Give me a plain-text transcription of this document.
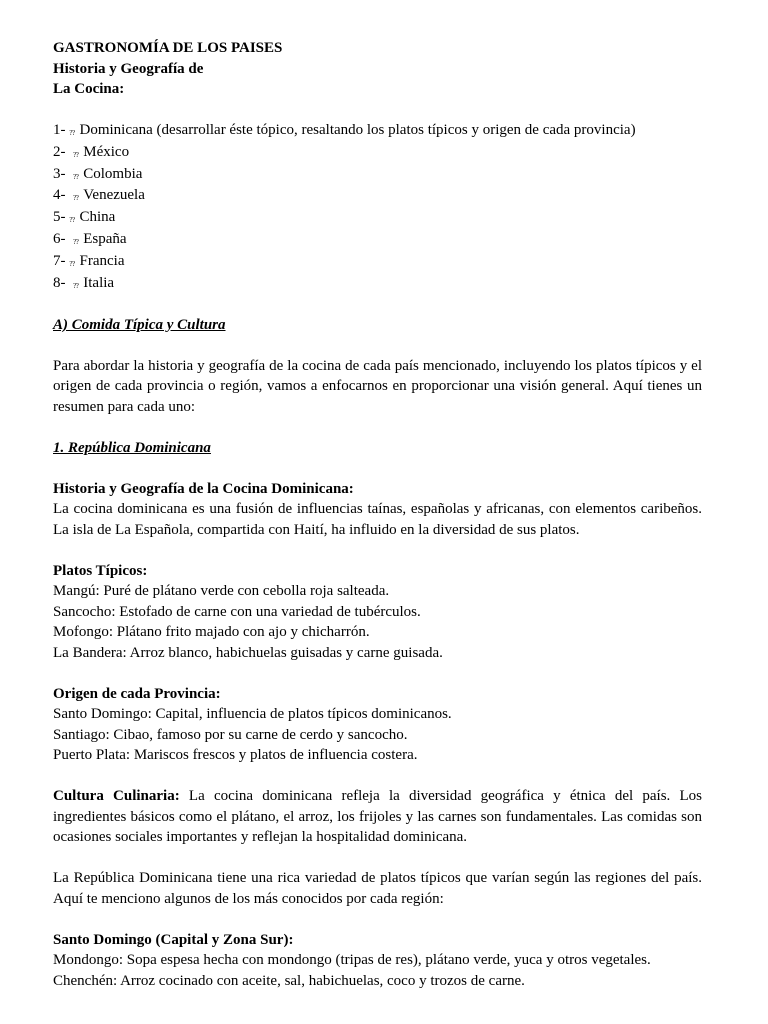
GASTRONOMÍA DE LOS PAISES

Historia y Geografía de

La Cocina:

1- ?? Dominicana (desarrollar éste tópico, resaltando los platos típicos y origen de cada provincia)

2- ?? México

3- ?? Colombia

4- ?? Venezuela

5- ?? China

6- ?? España

7- ?? Francia

8- ?? Italia

A) Comida Típica y Cultura

Para abordar la historia y geografía de la cocina de cada país mencionado, incluyendo los platos típicos y el origen de cada provincia o región, vamos a enfocarnos en proporcionar una visión general. Aquí tienes un resumen para cada uno:

1. República Dominicana

Historia y Geografía de la Cocina Dominicana:

La cocina dominicana es una fusión de influencias taínas, españolas y africanas, con elementos caribeños. La isla de La Española, compartida con Haití, ha influido en la diversidad de sus platos.

Platos Típicos:

Mangú: Puré de plátano verde con cebolla roja salteada.

Sancocho: Estofado de carne con una variedad de tubérculos.

Mofongo: Plátano frito majado con ajo y chicharrón.

La Bandera: Arroz blanco, habichuelas guisadas y carne guisada.

Origen de cada Provincia:

Santo Domingo: Capital, influencia de platos típicos dominicanos.

Santiago: Cibao, famoso por su carne de cerdo y sancocho.

Puerto Plata: Mariscos frescos y platos de influencia costera.

Cultura Culinaria: La cocina dominicana refleja la diversidad geográfica y étnica del país. Los ingredientes básicos como el plátano, el arroz, los frijoles y las carnes son fundamentales. Las comidas son ocasiones sociales importantes y reflejan la hospitalidad dominicana.

La República Dominicana tiene una rica variedad de platos típicos que varían según las regiones del país. Aquí te menciono algunos de los más conocidos por cada región:

Santo Domingo (Capital y Zona Sur):

Mondongo: Sopa espesa hecha con mondongo (tripas de res), plátano verde, yuca y otros vegetales.

Chenchén: Arroz cocinado con aceite, sal, habichuelas, coco y trozos de carne.
